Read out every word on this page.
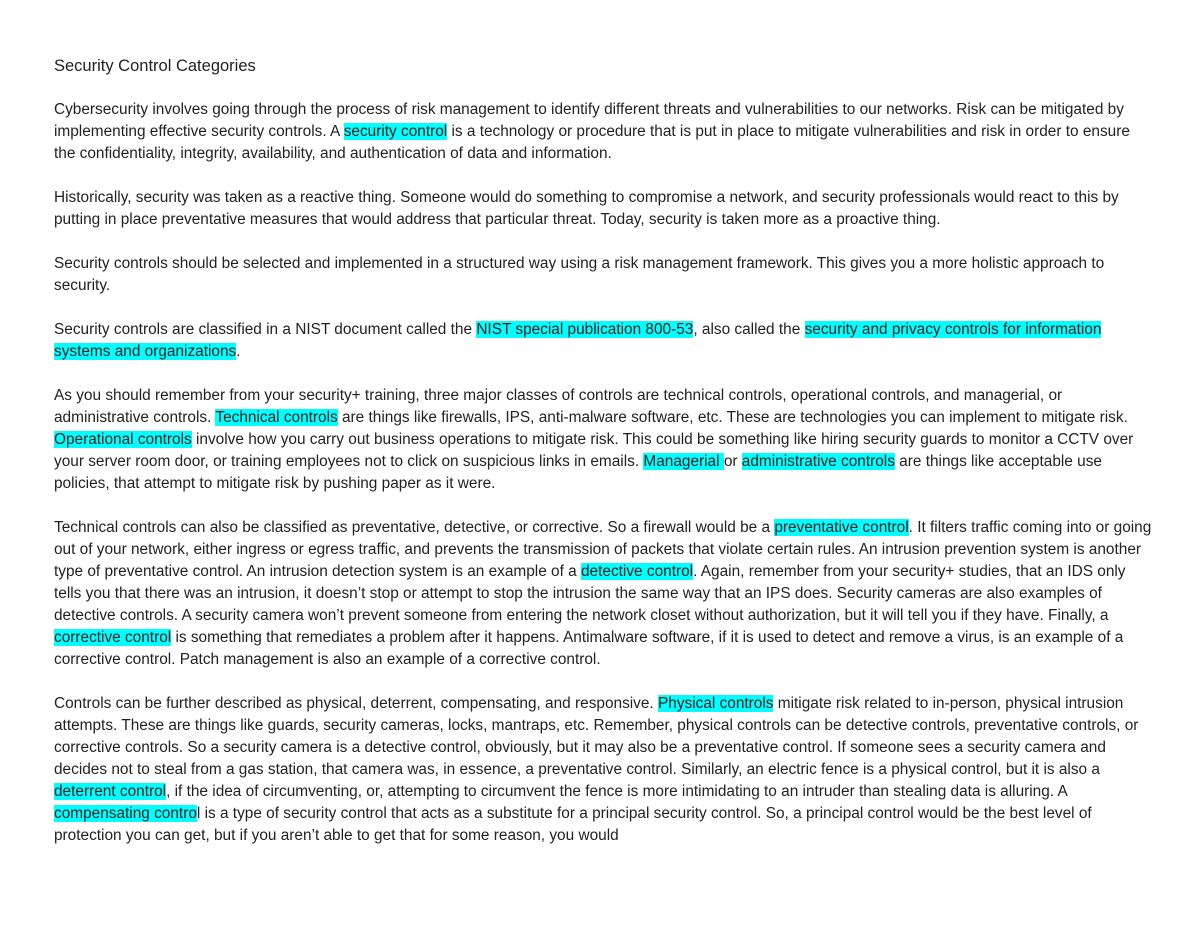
Security Control Categories

Cybersecurity involves going through the process of risk management to identify different threats and vulnerabilities to our networks. Risk can be mitigated by implementing effective security controls. A security control is a technology or procedure that is put in place to mitigate vulnerabilities and risk in order to ensure the confidentiality, integrity, availability, and authentication of data and information.

Historically, security was taken as a reactive thing. Someone would do something to compromise a network, and security professionals would react to this by putting in place preventative measures that would address that particular threat. Today, security is taken more as a proactive thing.

Security controls should be selected and implemented in a structured way using a risk management framework. This gives you a more holistic approach to security.

Security controls are classified in a NIST document called the NIST special publication 800-53, also called the security and privacy controls for information systems and organizations.

As you should remember from your security+ training, three major classes of controls are technical controls, operational controls, and managerial, or administrative controls. Technical controls are things like firewalls, IPS, anti-malware software, etc. These are technologies you can implement to mitigate risk. Operational controls involve how you carry out business operations to mitigate risk. This could be something like hiring security guards to monitor a CCTV over your server room door, or training employees not to click on suspicious links in emails. Managerial or administrative controls are things like acceptable use policies, that attempt to mitigate risk by pushing paper as it were.

Technical controls can also be classified as preventative, detective, or corrective. So a firewall would be a preventative control. It filters traffic coming into or going out of your network, either ingress or egress traffic, and prevents the transmission of packets that violate certain rules. An intrusion prevention system is another type of preventative control. An intrusion detection system is an example of a detective control. Again, remember from your security+ studies, that an IDS only tells you that there was an intrusion, it doesn’t stop or attempt to stop the intrusion the same way that an IPS does. Security cameras are also examples of detective controls. A security camera won’t prevent someone from entering the network closet without authorization, but it will tell you if they have. Finally, a corrective control is something that remediates a problem after it happens. Antimalware software, if it is used to detect and remove a virus, is an example of a corrective control. Patch management is also an example of a corrective control.

Controls can be further described as physical, deterrent, compensating, and responsive. Physical controls mitigate risk related to in-person, physical intrusion attempts. These are things like guards, security cameras, locks, mantraps, etc. Remember, physical controls can be detective controls, preventative controls, or corrective controls. So a security camera is a detective control, obviously, but it may also be a preventative control. If someone sees a security camera and decides not to steal from a gas station, that camera was, in essence, a preventative control. Similarly, an electric fence is a physical control, but it is also a deterrent control, if the idea of circumventing, or, attempting to circumvent the fence is more intimidating to an intruder than stealing data is alluring. A compensating control is a type of security control that acts as a substitute for a principal security control. So, a principal control would be the best level of protection you can get, but if you aren’t able to get that for some reason, you would
